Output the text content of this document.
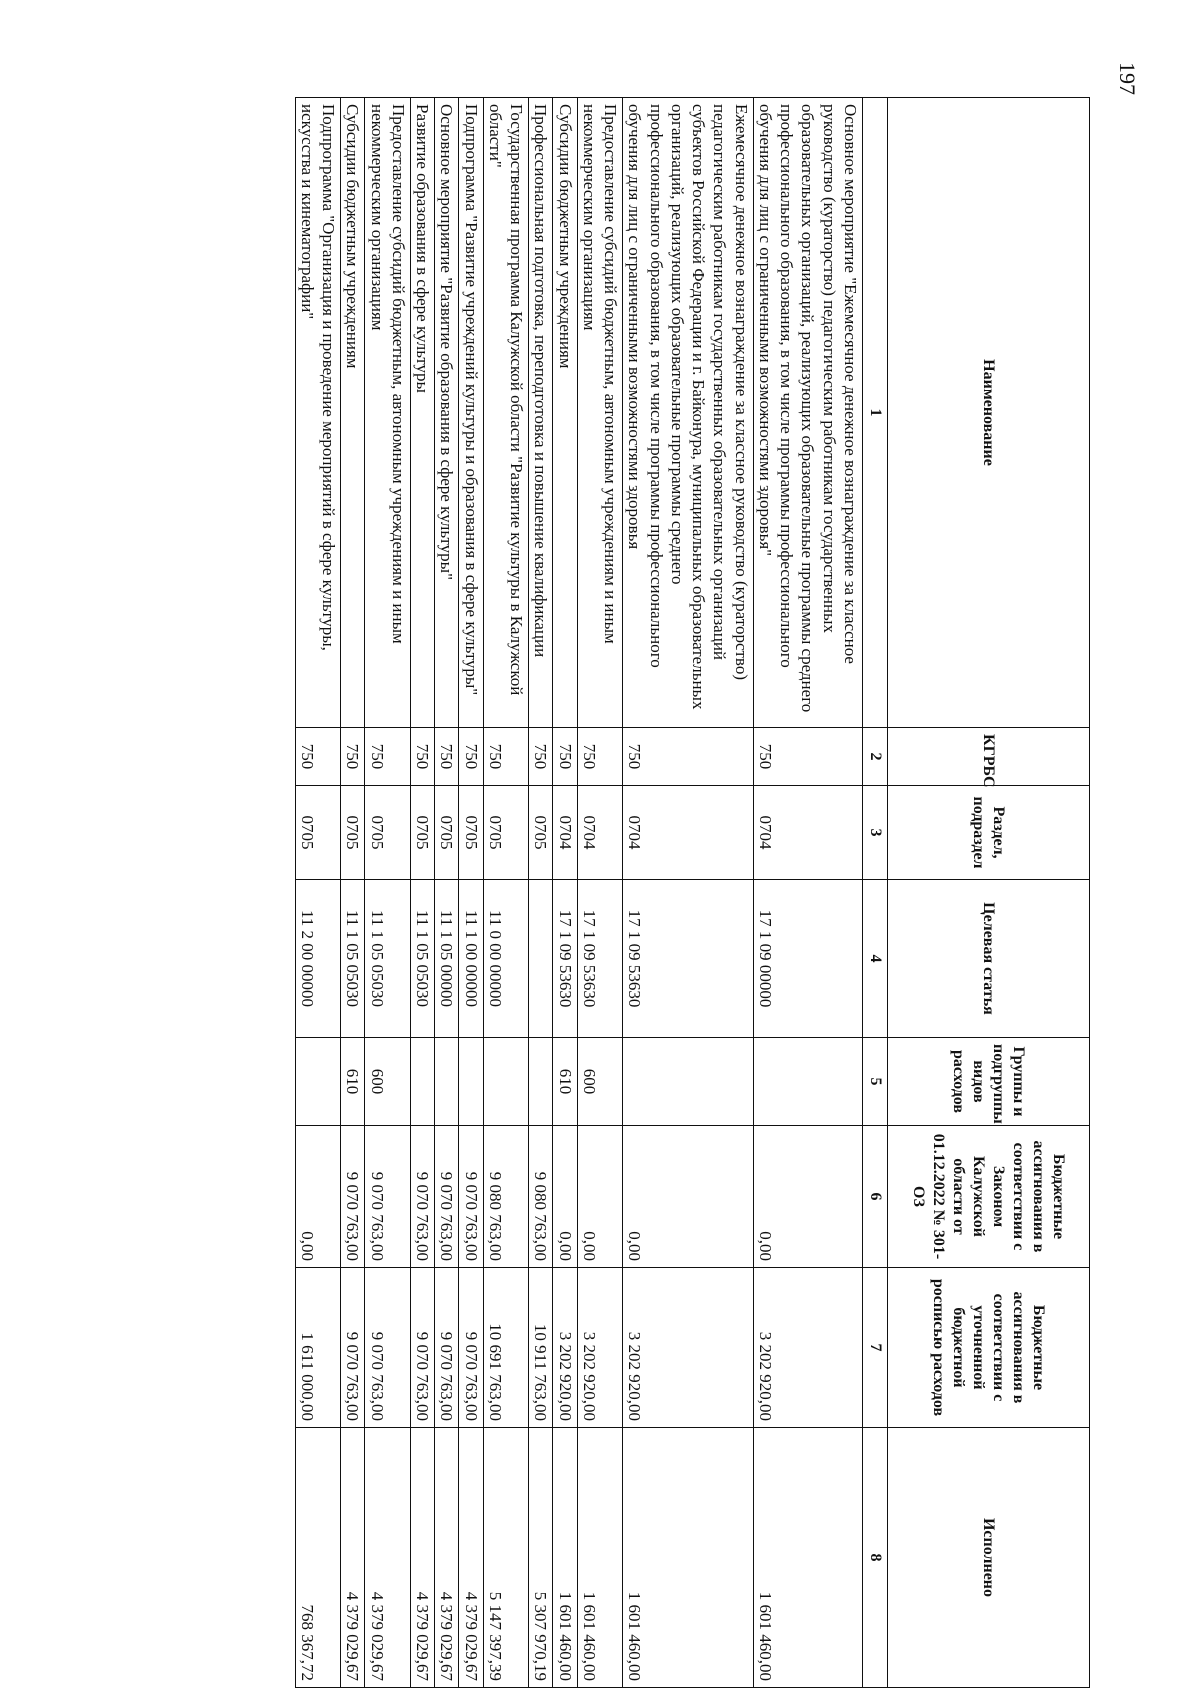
197
Наименование	КГРБС	Раздел, подраздел	Целевая статья	Группы и подгруппы видов расходов	Бюджетные ассигнования в соответствии с Законом Калужской области от 01.12.2022 № 301-ОЗ	Бюджетные ассигнования в соответствии с уточненной бюджетной росписью расходов	Исполнено
1	2	3	4	5	6	7	8
Основное мероприятие "Ежемесячное денежное вознаграждение за классное руководство (кураторство) педагогическим работникам государственных образовательных организаций, реализующих образовательные программы среднего профессионального образования, в том числе программы профессионального обучения для лиц с ограниченными возможностями здоровья"	750	0704	17 1 09 00000		0,00	3 202 920,00	1 601 460,00
Ежемесячное денежное вознаграждение за классное руководство (кураторство) педагогическим работникам государственных образовательных организаций субъектов Российской Федерации и г. Байконура, муниципальных образовательных организаций, реализующих образовательные программы среднего профессионального образования, в том числе программы профессионального обучения для лиц с ограниченными возможностями здоровья	750	0704	17 1 09 53630		0,00	3 202 920,00	1 601 460,00
Предоставление субсидий бюджетным, автономным учреждениям и иным некоммерческим организациям	750	0704	17 1 09 53630	600	0,00	3 202 920,00	1 601 460,00
Субсидии бюджетным учреждениям	750	0704	17 1 09 53630	610	0,00	3 202 920,00	1 601 460,00
Профессиональная подготовка, переподготовка и повышение квалификации	750	0705			9 080 763,00	10 911 763,00	5 307 970,19
Государственная программа Калужской области "Развитие культуры в Калужской области"	750	0705	11 0 00 00000		9 080 763,00	10 691 763,00	5 147 397,39
Подпрограмма "Развитие учреждений культуры и образования в сфере культуры"	750	0705	11 1 00 00000		9 070 763,00	9 070 763,00	4 379 029,67
Основное мероприятие "Развитие образования в сфере культуры"	750	0705	11 1 05 00000		9 070 763,00	9 070 763,00	4 379 029,67
Развитие образования в сфере культуры	750	0705	11 1 05 05030		9 070 763,00	9 070 763,00	4 379 029,67
Предоставление субсидий бюджетным, автономным учреждениям и иным некоммерческим организациям	750	0705	11 1 05 05030	600	9 070 763,00	9 070 763,00	4 379 029,67
Субсидии бюджетным учреждениям	750	0705	11 1 05 05030	610	9 070 763,00	9 070 763,00	4 379 029,67
Подпрограмма "Организация и проведение мероприятий в сфере культуры, искусства и кинематографии"	750	0705	11 2 00 00000		0,00	1 611 000,00	768 367,72
